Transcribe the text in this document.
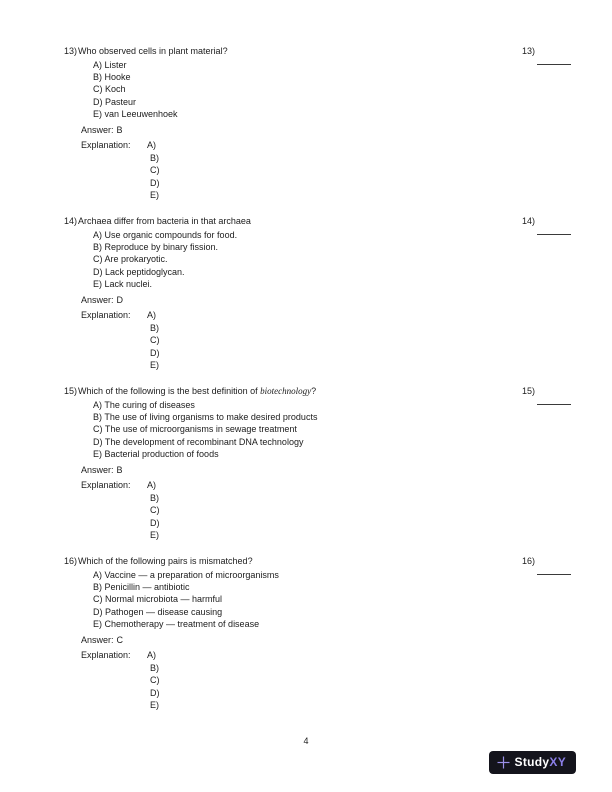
13) Who observed cells in plant material?	13)
A) Lister
B) Hooke
C) Koch
D) Pasteur
E) van Leeuwenhoek
Answer: B
Explanation:	A)
B)
C)
D)
E)
14) Archaea differ from bacteria in that archaea	14)
A) Use organic compounds for food.
B) Reproduce by binary fission.
C) Are prokaryotic.
D) Lack peptidoglycan.
E) Lack nuclei.
Answer: D
Explanation:	A)
B)
C)
D)
E)
15) Which of the following is the best definition of biotechnology?	15)
A) The curing of diseases
B) The use of living organisms to make desired products
C) The use of microorganisms in sewage treatment
D) The development of recombinant DNA technology
E) Bacterial production of foods
Answer: B
Explanation:	A)
B)
C)
D)
E)
16) Which of the following pairs is mismatched?	16)
A) Vaccine — a preparation of microorganisms
B) Penicillin — antibiotic
C) Normal microbiota — harmful
D) Pathogen — disease causing
E) Chemotherapy — treatment of disease
Answer: C
Explanation:	A)
B)
C)
D)
E)
4
StudyXY
